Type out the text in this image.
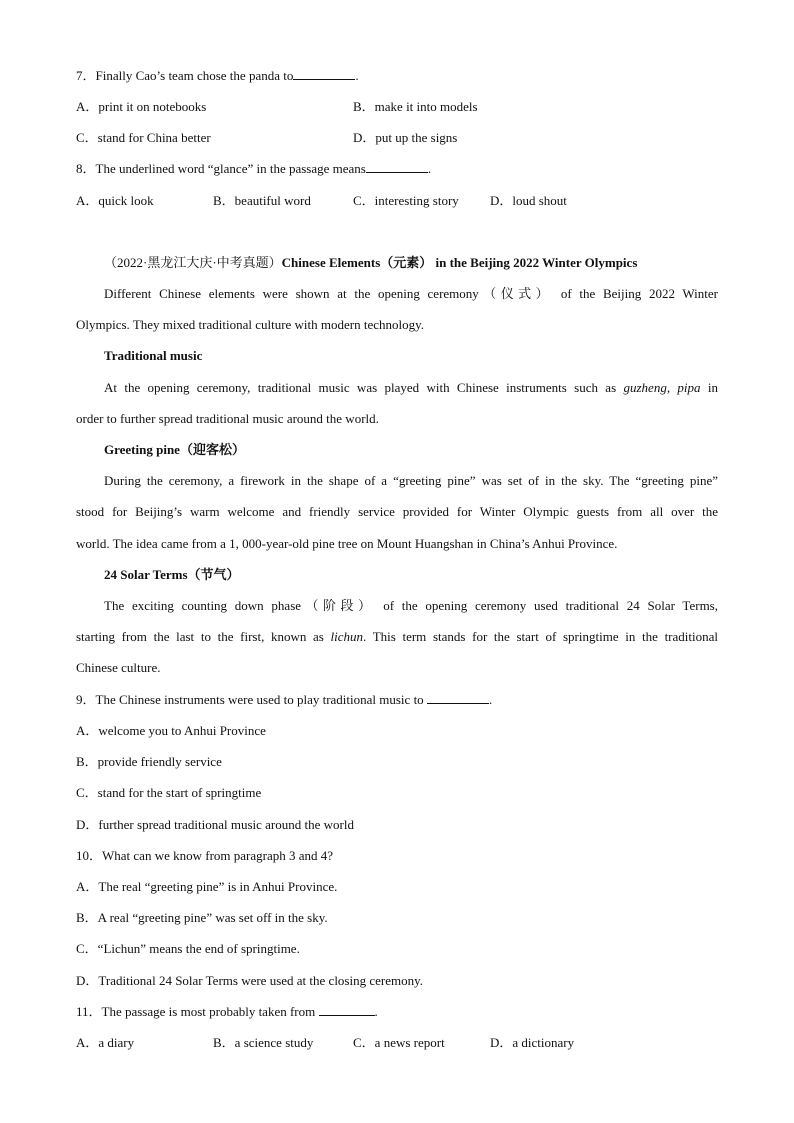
7．Finally Cao’s team chose the panda to	.
A．print it on notebooks	B．make it into models
C．stand for China better	D．put up the signs
8．The underlined word “glance” in the passage means	.
A．quick look	B．beautiful word	C．interesting story D．loud shout
（2022·黑龙江大庆·中考真题）Chinese Elements（元素） in the Beijing 2022 Winter Olympics
Different Chinese elements were shown at the opening ceremony（仪式） of the Beijing 2022 Winter
Olympics. They mixed traditional culture with modern technology.
Traditional music
At the opening ceremony, traditional music was played with Chinese instruments such as guzheng, pipa in
order to further spread traditional music around the world.
Greeting pine（迎客松）
During the ceremony, a firework in the shape of a “greeting pine” was set of in the sky. The “greeting pine”
stood for Beijing’s warm welcome and friendly service provided for Winter Olympic guests from all over the
world. The idea came from a 1, 000-year-old pine tree on Mount Huangshan in China’s Anhui Province.
24 Solar Terms（节气）
The exciting counting down phase（阶段） of the opening ceremony used traditional 24 Solar Terms,
starting from the last to the first, known as lichun. This term stands for the start of springtime in the traditional
Chinese culture.
9．The Chinese instruments were used to play traditional music to	.
A．welcome you to Anhui Province
B．provide friendly service
C．stand for the start of springtime
D．further spread traditional music around the world
10．What can we know from paragraph 3 and 4?
A．The real “greeting pine” is in Anhui Province.
B．A real “greeting pine” was set off in the sky.
C．“Lichun” means the end of springtime.
D．Traditional 24 Solar Terms were used at the closing ceremony.
11．The passage is most probably taken from	.
A．a diary	B．a science study	C．a news report	D．a dictionary
